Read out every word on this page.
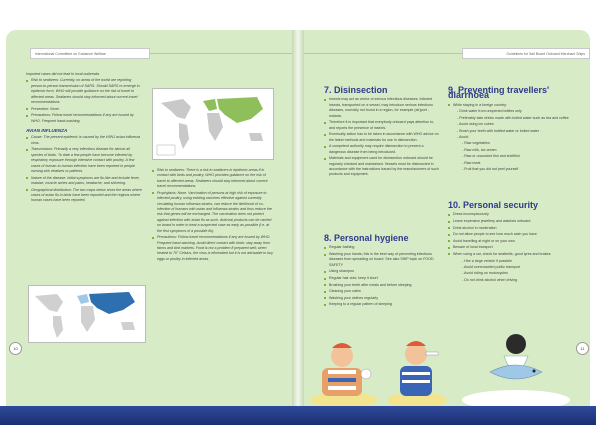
International Committee on Guidance Welfare	Guidelines for Sail Board Onboard Merchant Ships

Imported cases did not lead to local outbreaks

Risk to seafarers: Currently, no areas of the world are reporting person-to-person transmission of SARS. Should SARS re-emerge in epidemic form, WHO will provide guidance on the risk of travel to affected areas. Seafarers should stay informed about current travel recommendations
Prevention: None.
Precautions: Follow travel recommendations if any are issued by WHO. Frequent hand-washing.
AVIAN INFLUENZA
Cause: The present epidemic is caused by the H5N1 avian influenza virus.
Transmission: Primarily a very infectious disease for almost all species of birds. To date a few people have become infected by respiratory exposure through intensive contact with poultry. A few cases of human-to-human infection have been reported in people nursing sick relatives or patients.
Nature of the disease: Initial symptoms are flu-like and include fever, malaise, muscle aches and pains, headache, and shivering.
Geographical distribution: The two maps below show the areas where cases of avian flu in birds have been reported and the regions where human cases have been reported.
Risk to seafarers: There is a risk to seafarers in epidemic areas if in contact with birds and poultry. WHO provides guidance on the risk of travel to affected areas. Seafarers should stay informed about current travel recommendations.
Prophylaxis: None. Vaccination of persons at high risk of exposure to infected poultry, using existing vaccines effective against currently circulating human influenza strains, can reduce the likelihood of co-infection of humans with avian and influenza strains and thus reduce the risk that genes will be exchanged. The vaccination does not protect against infection with avian flu as such. Antiviral products can be carried on board in order to treat a suspected case as early as possible (i.e. at the first symptoms of a possible flu).
Precautions: Follow travel recommendations if any are issued by WHO. Frequent hand-washing. Avoid direct contact with birds; stay away from farms and bird markets. Food is not a problem if prepared well; when heated to 70° Celsius, the virus is eliminated but it is not advisable to buy eggs or poultry in infected areas.
7. Disinsection
Insects may act as vector of serious infectious diseases. Infected insects, transported on a vessel, may introduce serious infectious diseases, normally not found in a region, for example (air)port - malaria.
Therefore it is important that everybody onboard pays attention to, and reports the presence of insects.
Eventually action has to be taken in accordance with WHO advice on the latest methods and materials for use in disinsection.
A competent authority may require disinsection to prevent a dangerous disease from being introduced.
Materials and equipment used for disinsection onboard should be regularly checked and maintained. Vessels must be disinsected in accordance with the instructions issued by the manufacturers of such products and equipment.
8. Personal hygiene
Regular bathing
Washing your hands; this is the best way of preventing infectious diseases from spreading on board. See also SHIP topic on FOOD SAFETY
Using shampoo
Regular hair cuts; keep it short
Brushing your teeth after meals and before sleeping
Cleaning your cabin
Washing your clothes regularly
Keeping to a regular pattern of sleeping
9. Preventing travellers' diarrhoea
While staying in a foreign country:
- Drink water from unopened bottles only
- Preferably take drinks made with boiled water such as tea and coffee
- Avoid using ice cubes
- Brush your teeth with bottled water or boiled water
- Avoid:
- Raw vegetables
- Raw milk, ice-cream
- Raw or uncooked fish and shellfish
- Raw meat
- Fruit that you did not peel yourself
10. Personal security
Dress inconspicuously
Leave expensive jewellery and watches onboard
Drink alcohol in moderation
Do not allow people to see how much cash you have
Avoid travelling at night or on your own
Beware of local transport
When using a car, check for seatbelts, good tyres and brakes:
- Hire a large vehicle if possible
- Avoid overcrowded public transport
- Avoid riding on motorcycles
- Do not drink alcohol when driving
10	11
